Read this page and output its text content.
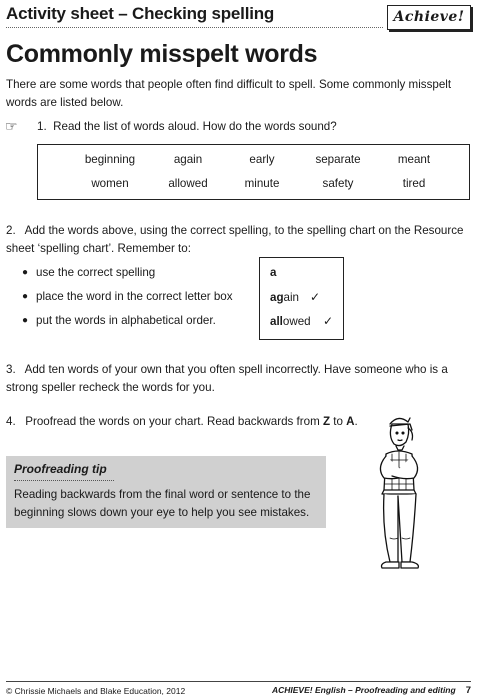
Activity sheet – Checking spelling	Achieve!
Commonly misspelt words
There are some words that people often find difficult to spell. Some commonly misspelt words are listed below.
☞ 1. Read the list of words aloud. How do the words sound?
beginning	again	early	separate	meant
women	allowed	minute	safety	tired
2. Add the words above, using the correct spelling, to the spelling chart on the Resource sheet ‘spelling chart’. Remember to:
● use the correct spelling
● place the word in the correct letter box
● put the words in alphabetical order.
a
again ✓
allowed ✓
3. Add ten words of your own that you often spell incorrectly. Have someone who is a strong speller recheck the words for you.
4. Proofread the words on your chart. Read backwards from Z to A.
Proofreading tip
Reading backwards from the final word or sentence to the beginning slows down your eye to help you see mistakes.
© Chrissie Michaels and Blake Education, 2012	ACHIEVE! English – Proofreading and editing 7
